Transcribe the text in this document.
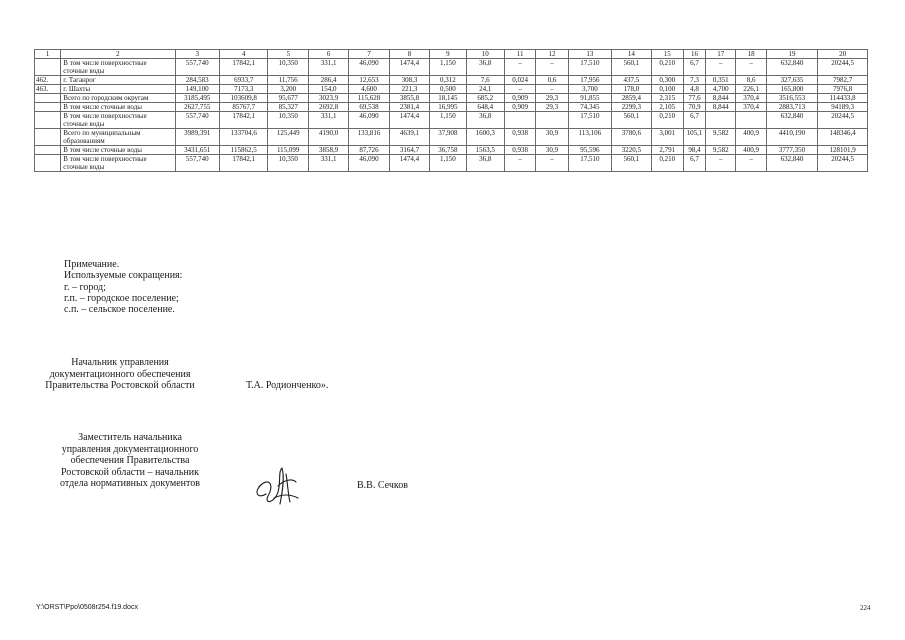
1	2	3	4	5	6	7	8	9	10	11	12	13	14	15	16	17	18	19	20
	В том числе поверхностные сточные воды	557,740	17842,1	10,350	331,1	46,090	1474,4	1,150	36,8	–	–	17,510	560,1	0,210	6,7	–	–	632,840	20244,5
462.	г. Таганрог	284,583	6933,7	11,756	286,4	12,653	308,3	0,312	7,6	0,024	0,6	17,956	437,5	0,300	7,3	0,351	8,6	327,635	7982,7
463.	г. Шахты	149,100	7173,3	3,200	154,0	4,600	221,3	0,500	24,1	–	–	3,700	178,0	0,100	4,8	4,700	226,1	165,800	7976,8
	Всего по городским округам	3185,495	103609,8	95,677	3023,9	115,628	3855,8	18,145	685,2	0,909	29,3	91,855	2859,4	2,315	77,6	8,844	370,4	3516,553	114433,8
	В том числе сточные воды	2627,755	85767,7	85,327	2692,8	69,538	2381,4	16,995	648,4	0,909	29,3	74,345	2299,3	2,105	70,9	8,844	370,4	2883,713	94189,3
	В том числе поверхностные сточные воды	557,740	17842,1	10,350	331,1	46,090	1474,4	1,150	36,8			17,510	560,1	0,210	6,7			632,840	20244,5
	Всего по муниципальным образованиям	3989,391	133704,6	125,449	4190,0	133,816	4639,1	37,908	1600,3	0,938	30,9	113,106	3780,6	3,001	105,1	9,582	400,9	4410,190	148346,4
	В том числе сточные воды	3431,651	115862,5	115,099	3858,9	87,726	3164,7	36,758	1563,5	0,938	30,9	95,596	3220,5	2,791	98,4	9,582	400,9	3777,350	128101,9
	В том числе поверхностные сточные воды	557,740	17842,1	10,350	331,1	46,090	1474,4	1,150	36,8	–	–	17,510	560,1	0,210	6,7	–	–	632,840	20244,5
Примечание.
Используемые сокращения:
г. – город;
г.п. – городское поселение;
с.п. – сельское поселение.
Начальник управления
документационного обеспечения
Правительства Ростовской области	Т.А. Родионченко».
Заместитель начальника
управления документационного
обеспечения Правительства
Ростовской области – начальник
отдела нормативных документов	В.В. Сечков
Y:\ORST\Ppo\0508r254.f19.docx	224
